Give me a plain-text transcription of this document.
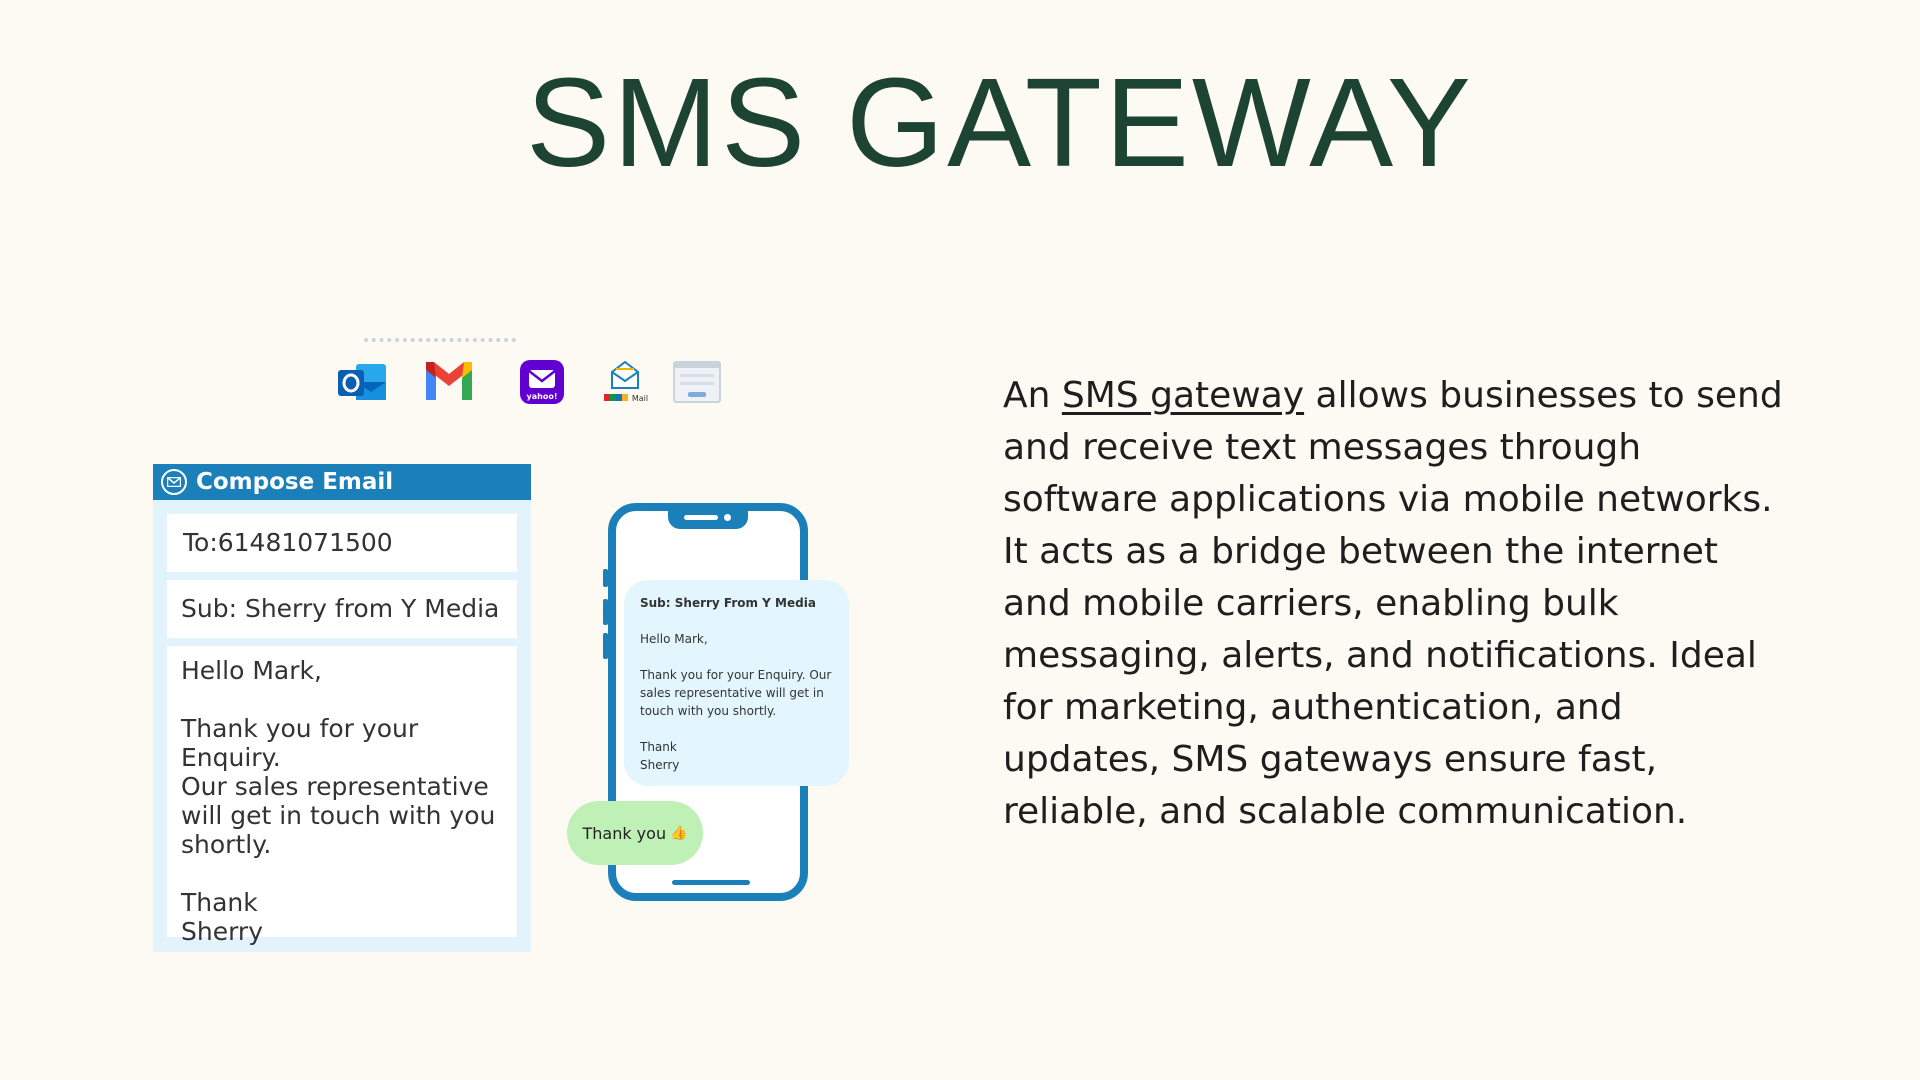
SMS GATEWAY
yahoo!	Mail
Compose Email
To:61481071500
Sub: Sherry from Y Media

Hello Mark,

Thank you for your Enquiry.

Our sales representative

will get in touch with you

shortly.

Thank

Sherry

Sub: Sherry From Y Media

Hello Mark,

Thank you for your Enquiry. Our

sales representative will get in

touch with you shortly.

Thank

Sherry

Thank you 👍
An SMS gateway allows businesses to send and receive text messages through software applications via mobile networks. It acts as a bridge between the internet and mobile carriers, enabling bulk messaging, alerts, and notifications. Ideal for marketing, authentication, and updates, SMS gateways ensure fast, reliable, and scalable communication.
